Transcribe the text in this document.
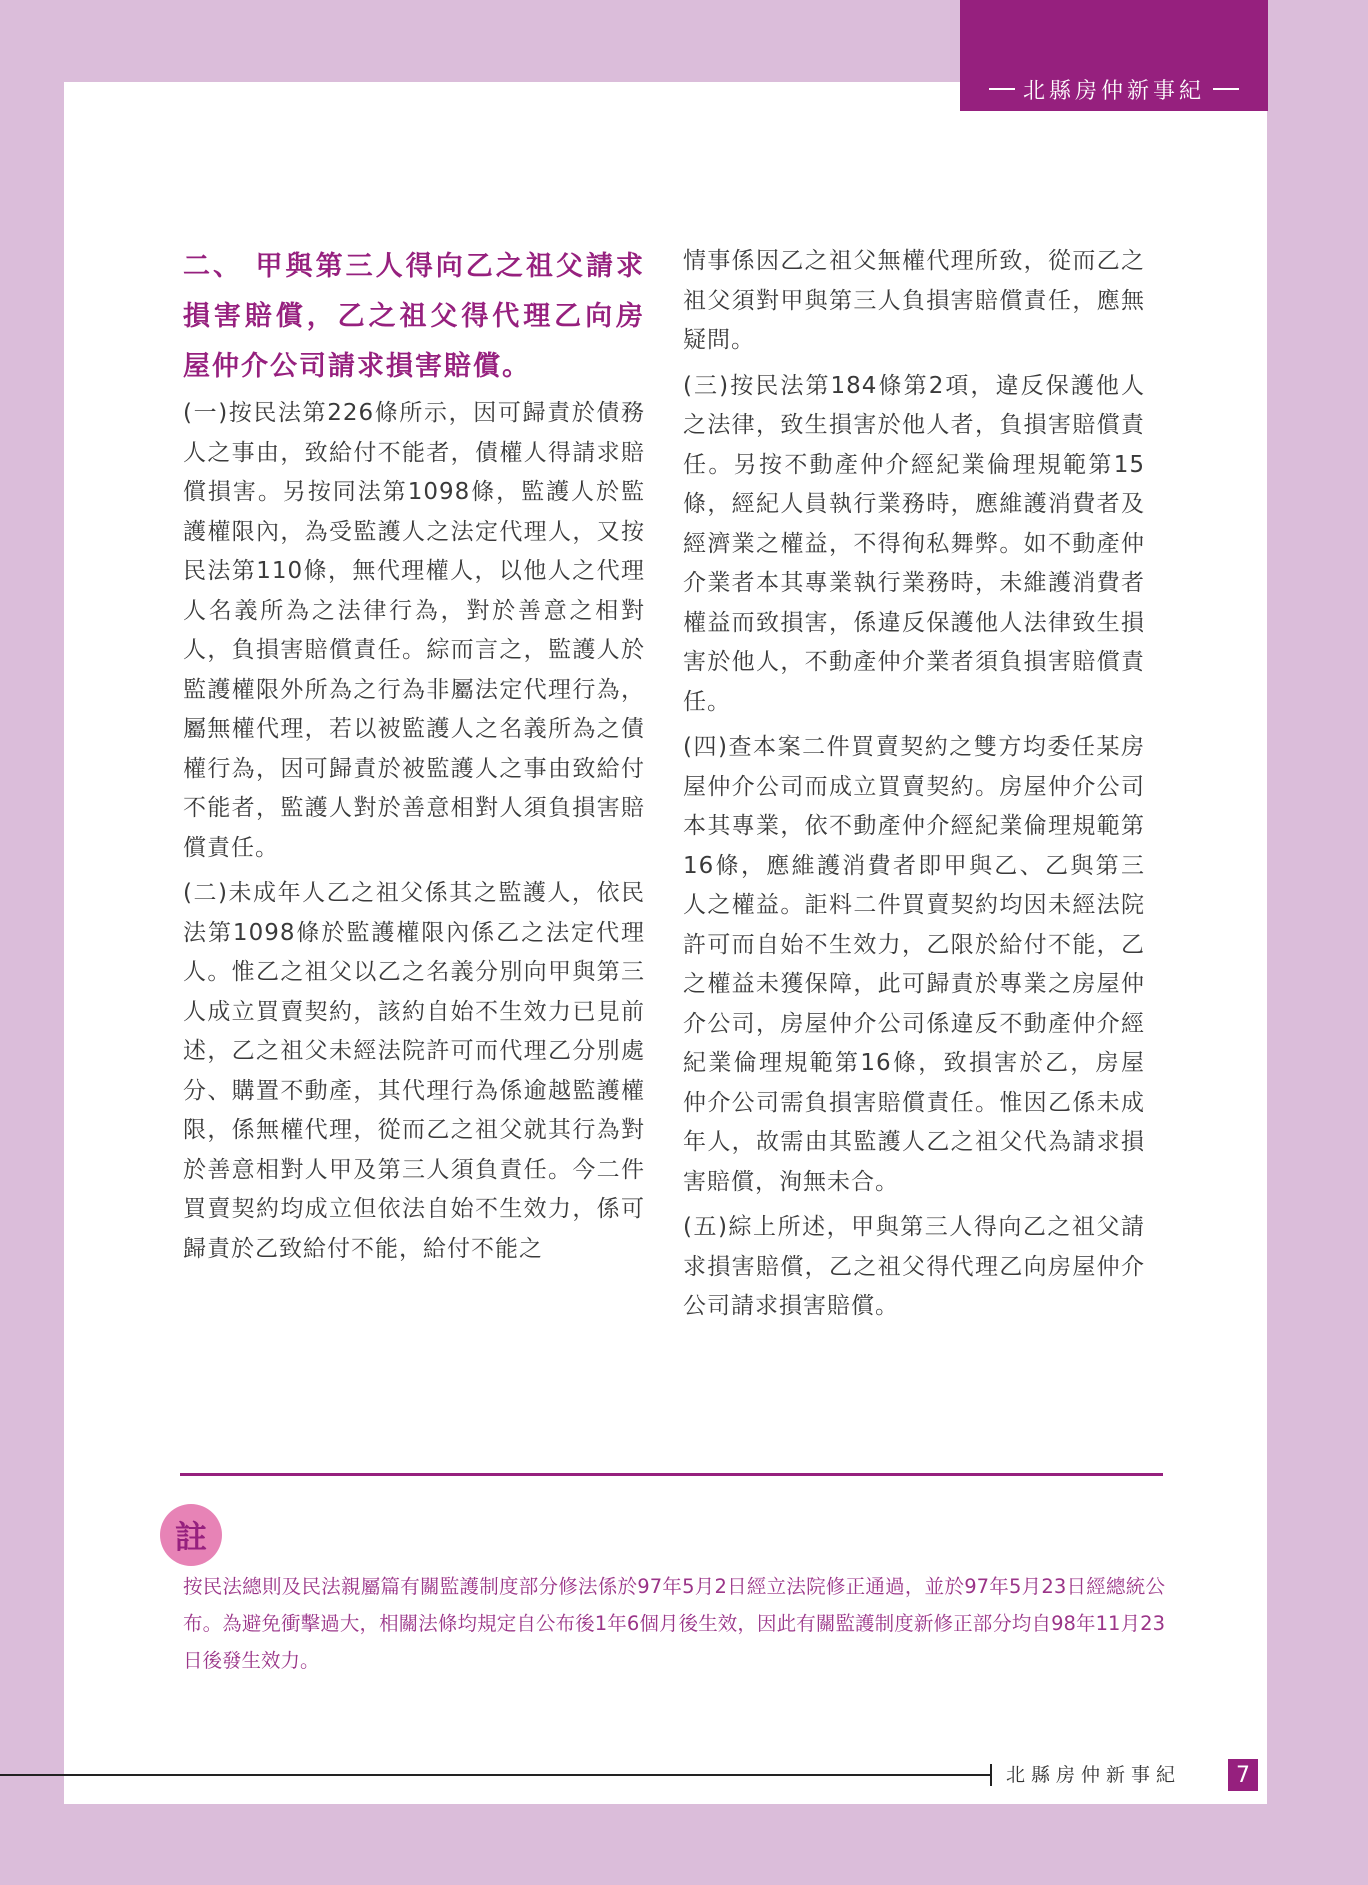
北縣房仲新事紀
二、 甲與第三人得向乙之祖父請求損害賠償，乙之祖父得代理乙向房屋仲介公司請求損害賠償。

(一)按民法第226條所示，因可歸責於債務人之事由，致給付不能者，債權人得請求賠償損害。另按同法第1098條，監護人於監護權限內，為受監護人之法定代理人，又按民法第110條，無代理權人，以他人之代理人名義所為之法律行為，對於善意之相對人，負損害賠償責任。綜而言之，監護人於監護權限外所為之行為非屬法定代理行為，屬無權代理，若以被監護人之名義所為之債權行為，因可歸責於被監護人之事由致給付不能者，監護人對於善意相對人須負損害賠償責任。

(二)未成年人乙之祖父係其之監護人，依民法第1098條於監護權限內係乙之法定代理人。惟乙之祖父以乙之名義分別向甲與第三人成立買賣契約，該約自始不生效力已見前述，乙之祖父未經法院許可而代理乙分別處分、購置不動產，其代理行為係逾越監護權限，係無權代理，從而乙之祖父就其行為對於善意相對人甲及第三人須負責任。今二件買賣契約均成立但依法自始不生效力，係可歸責於乙致給付不能，給付不能之

情事係因乙之祖父無權代理所致，從而乙之祖父須對甲與第三人負損害賠償責任，應無疑問。

(三)按民法第184條第2項，違反保護他人之法律，致生損害於他人者，負損害賠償責任。另按不動產仲介經紀業倫理規範第15條，經紀人員執行業務時，應維護消費者及經濟業之權益，不得徇私舞弊。如不動產仲介業者本其專業執行業務時，未維護消費者權益而致損害，係違反保護他人法律致生損害於他人，不動產仲介業者須負損害賠償責任。

(四)查本案二件買賣契約之雙方均委任某房屋仲介公司而成立買賣契約。房屋仲介公司本其專業，依不動產仲介經紀業倫理規範第16條，應維護消費者即甲與乙、乙與第三人之權益。詎料二件買賣契約均因未經法院許可而自始不生效力，乙限於給付不能，乙之權益未獲保障，此可歸責於專業之房屋仲介公司，房屋仲介公司係違反不動產仲介經紀業倫理規範第16條，致損害於乙，房屋仲介公司需負損害賠償責任。惟因乙係未成年人，故需由其監護人乙之祖父代為請求損害賠償，洵無未合。

(五)綜上所述，甲與第三人得向乙之祖父請求損害賠償，乙之祖父得代理乙向房屋仲介公司請求損害賠償。

註
按民法總則及民法親屬篇有關監護制度部分修法係於97年5月2日經立法院修正通過，並於97年5月23日經總統公布。為避免衝擊過大，相關法條均規定自公布後1年6個月後生效，因此有關監護制度新修正部分均自98年11月23日後發生效力。
北縣房仲新事紀	7
